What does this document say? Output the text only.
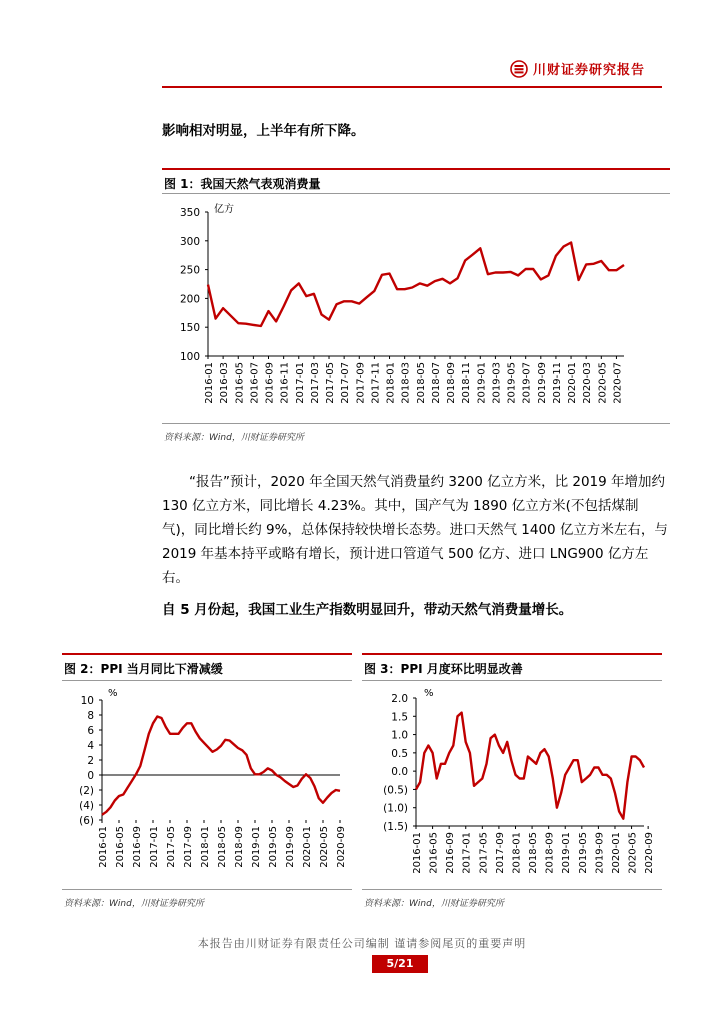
川财证券研究报告
影响相对明显，上半年有所下降。
图 1：我国天然气表观消费量
100
150
200
250
300
350 亿方
2016-01 2016-03 2016-05 2016-07 2016-09 2016-11 2017-01 2017-03 2017-05 2017-07 2017-09 2017-11 2018-01 2018-03 2018-05 2018-07 2018-09 2018-11 2019-01 2019-03 2019-05 2019-07 2019-09 2019-11 2020-01 2020-03 2020-05 2020-07
资料来源：Wind，川财证券研究所

“报告”预计，2020 年全国天然气消费量约 3200 亿立方米，比 2019 年增加约 130 亿立方米，同比增长 4.23%。其中，国产气为 1890 亿立方米(不包括煤制气)，同比增长约 9%，总体保持较快增长态势。进口天然气 1400 亿立方米左右，与 2019 年基本持平或略有增长，预计进口管道气 500 亿方、进口 LNG900 亿方左右。

自 5 月份起，我国工业生产指数明显回升，带动天然气消费量增长。
图 2：PPI 当月同比下滑减缓
(6)
(4)
(2)
0
2
4
6
8
10
%
2016-01 2016-05 2016-09 2017-01 2017-05 2017-09 2018-01 2018-05 2018-09 2019-01 2019-05 2019-09 2020-01 2020-05 2020-09
资料来源：Wind，川财证券研究所
图 3：PPI 月度环比明显改善
(1.5)
(1.0)
(0.5)
0.0
0.5
1.0
1.5
2.0 %
2016-01 2016-05 2016-09 2017-01 2017-05 2017-09 2018-01 2018-05 2018-09 2019-01 2019-05 2019-09 2020-01 2020-05 2020-09
资料来源：Wind，川财证券研究所
本报告由川财证券有限责任公司编制 谨请参阅尾页的重要声明
5/21
